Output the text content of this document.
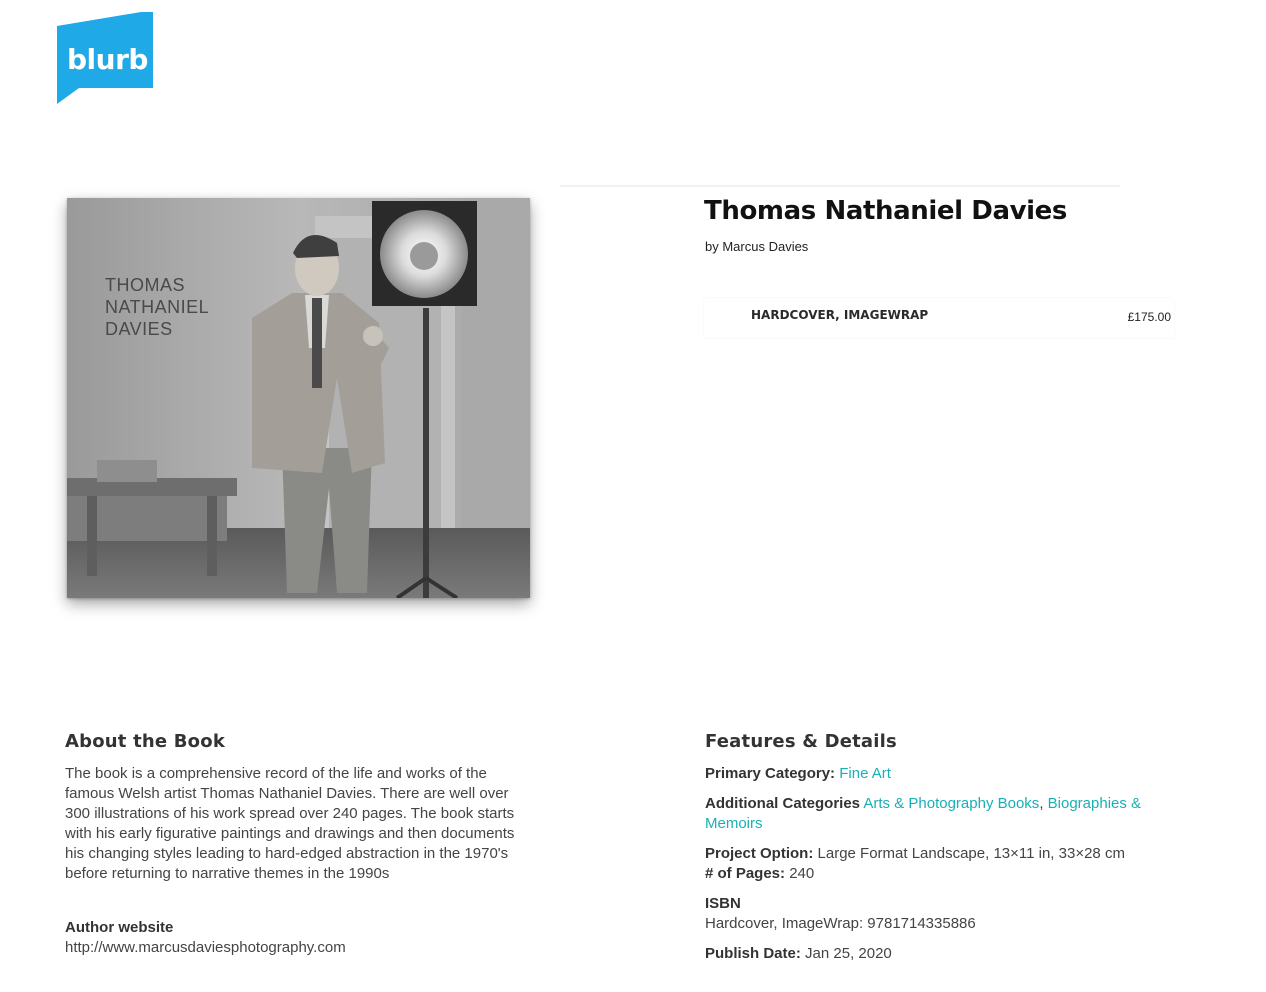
blurb
THOMAS
NATHANIEL
DAVIES
Thomas Nathaniel Davies
by Marcus Davies
HARDCOVER, IMAGEWRAP	£175.00
About the Book
The book is a comprehensive record of the life and works of the famous Welsh artist Thomas Nathaniel Davies. There are well over 300 illustrations of his work spread over 240 pages. The book starts with his early figurative paintings and drawings and then documents his changing styles leading to hard-edged abstraction in the 1970's before returning to narrative themes in the 1990s
Author website
http://www.marcusdaviesphotography.com
Features & Details
Primary Category: Fine Art
Additional Categories Arts & Photography Books, Biographies & Memoirs
Project Option: Large Format Landscape, 13×11 in, 33×28 cm
# of Pages: 240
ISBN
Hardcover, ImageWrap: 9781714335886
Publish Date: Jan 25, 2020
